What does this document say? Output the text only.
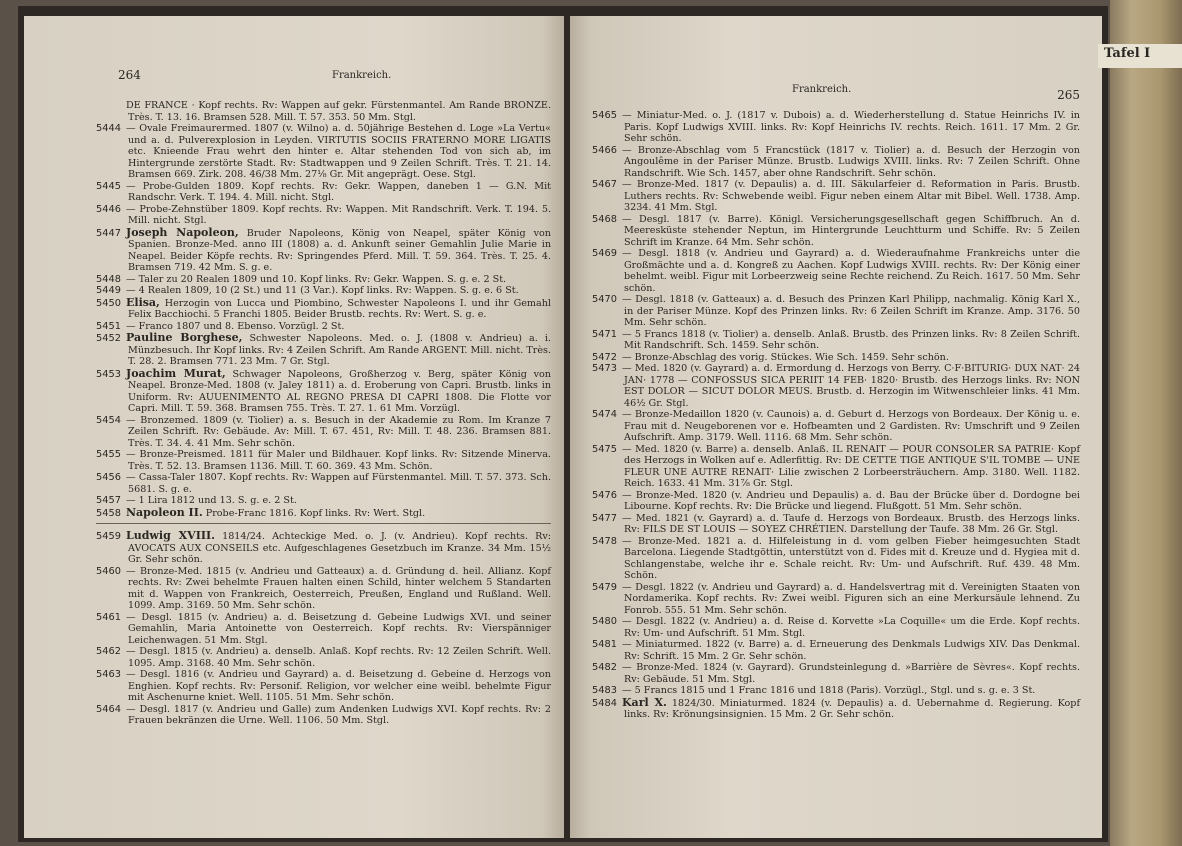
264	Frankreich.

DE FRANCE · Kopf rechts. Rv: Wappen auf gekr. Fürstenmantel. Am Rande BRONZE. Très. T. 13. 16. Bramsen 528. Mill. T. 57. 353. 50 Mm. Stgl.

5444 — Ovale Freimaurermed. 1807 (v. Wilno) a. d. 50jährige Bestehen d. Loge »La Vertu« und a. d. Pulverexplosion in Leyden. VIRTUTIS SOCIIS FRATERNO MORE LIGATIS etc. Knieende Frau wehrt den hinter e. Altar stehenden Tod von sich ab, im Hintergrunde zerstörte Stadt. Rv: Stadtwappen und 9 Zeilen Schrift. Très. T. 21. 14. Bramsen 669. Zirk. 208. 46/38 Mm. 27⅛ Gr. Mit angeprägt. Oese. Stgl.

5445 — Probe-Gulden 1809. Kopf rechts. Rv: Gekr. Wappen, daneben 1 — G.N. Mit Randschr. Verk. T. 194. 4. Mill. nicht. Stgl.

5446 — Probe-Zehnstüber 1809. Kopf rechts. Rv: Wappen. Mit Randschrift. Verk. T. 194. 5. Mill. nicht. Stgl.

5447 Joseph Napoleon, Bruder Napoleons, König von Neapel, später König von Spanien. Bronze-Med. anno III (1808) a. d. Ankunft seiner Gemahlin Julie Marie in Neapel. Beider Köpfe rechts. Rv: Springendes Pferd. Mill. T. 59. 364. Très. T. 25. 4. Bramsen 719. 42 Mm. S. g. e.

5448 — Taler zu 20 Realen 1809 und 10. Kopf links. Rv: Gekr. Wappen. S. g. e. 2 St.

5449 — 4 Realen 1809, 10 (2 St.) und 11 (3 Var.). Kopf links. Rv: Wappen. S. g. e. 6 St.

5450 Elisa, Herzogin von Lucca und Piombino, Schwester Napoleons I. und ihr Gemahl Felix Bacchiochi. 5 Franchi 1805. Beider Brustb. rechts. Rv: Wert. S. g. e.

5451 — Franco 1807 und 8. Ebenso. Vorzügl. 2 St.

5452 Pauline Borghese, Schwester Napoleons. Med. o. J. (1808 v. Andrieu) a. i. Münzbesuch. Ihr Kopf links. Rv: 4 Zeilen Schrift. Am Rande ARGENT. Mill. nicht. Très. T. 28. 2. Bramsen 771. 23 Mm. 7 Gr. Stgl.

5453 Joachim Murat, Schwager Napoleons, Großherzog v. Berg, später König von Neapel. Bronze-Med. 1808 (v. Jaley 1811) a. d. Eroberung von Capri. Brustb. links in Uniform. Rv: AUUENIMENTO AL REGNO PRESA DI CAPRI 1808. Die Flotte vor Capri. Mill. T. 59. 368. Bramsen 755. Très. T. 27. 1. 61 Mm. Vorzügl.

5454 — Bronzemed. 1809 (v. Tiolier) a. s. Besuch in der Akademie zu Rom. Im Kranze 7 Zeilen Schrift. Rv: Gebäude. Av: Mill. T. 67. 451, Rv: Mill. T. 48. 236. Bramsen 881. Très. T. 34. 4. 41 Mm. Sehr schön.

5455 — Bronze-Preismed. 1811 für Maler und Bildhauer. Kopf links. Rv: Sitzende Minerva. Très. T. 52. 13. Bramsen 1136. Mill. T. 60. 369. 43 Mm. Schön.

5456 — Cassa-Taler 1807. Kopf rechts. Rv: Wappen auf Fürstenmantel. Mill. T. 57. 373. Sch. 5681. S. g. e.

5457 — 1 Lira 1812 und 13. S. g. e. 2 St.

5458 Napoleon II. Probe-Franc 1816. Kopf links. Rv: Wert. Stgl.

5459 Ludwig XVIII. 1814/24. Achteckige Med. o. J. (v. Andrieu). Kopf rechts. Rv: AVOCATS AUX CONSEILS etc. Aufgeschlagenes Gesetzbuch im Kranze. 34 Mm. 15½ Gr. Sehr schön.

5460 — Bronze-Med. 1815 (v. Andrieu und Gatteaux) a. d. Gründung d. heil. Allianz. Kopf rechts. Rv: Zwei behelmte Frauen halten einen Schild, hinter welchem 5 Standarten mit d. Wappen von Frankreich, Oesterreich, Preußen, England und Rußland. Well. 1099. Amp. 3169. 50 Mm. Sehr schön.

5461 — Desgl. 1815 (v. Andrieu) a. d. Beisetzung d. Gebeine Ludwigs XVI. und seiner Gemahlin, Maria Antoinette von Oesterreich. Kopf rechts. Rv: Vierspänniger Leichenwagen. 51 Mm. Stgl.

5462 — Desgl. 1815 (v. Andrieu) a. denselb. Anlaß. Kopf rechts. Rv: 12 Zeilen Schrift. Well. 1095. Amp. 3168. 40 Mm. Sehr schön.

5463 — Desgl. 1816 (v. Andrieu und Gayrard) a. d. Beisetzung d. Gebeine d. Herzogs von Enghien. Kopf rechts. Rv: Personif. Religion, vor welcher eine weibl. behelmte Figur mit Aschenurne kniet. Well. 1105. 51 Mm. Sehr schön.

5464 — Desgl. 1817 (v. Andrieu und Galle) zum Andenken Ludwigs XVI. Kopf rechts. Rv: 2 Frauen bekränzen die Urne. Well. 1106. 50 Mm. Stgl.

Frankreich.	265

5465 — Miniatur-Med. o. J. (1817 v. Dubois) a. d. Wiederherstellung d. Statue Heinrichs IV. in Paris. Kopf Ludwigs XVIII. links. Rv: Kopf Heinrichs IV. rechts. Reich. 1611. 17 Mm. 2 Gr. Sehr schön.

5466 — Bronze-Abschlag vom 5 Francstück (1817 v. Tiolier) a. d. Besuch der Herzogin von Angoulême in der Pariser Münze. Brustb. Ludwigs XVIII. links. Rv: 7 Zeilen Schrift. Ohne Randschrift. Wie Sch. 1457, aber ohne Randschrift. Sehr schön.

5467 — Bronze-Med. 1817 (v. Depaulis) a. d. III. Säkularfeier d. Reformation in Paris. Brustb. Luthers rechts. Rv: Schwebende weibl. Figur neben einem Altar mit Bibel. Well. 1738. Amp. 3234. 41 Mm. Stgl.

5468 — Desgl. 1817 (v. Barre). Königl. Versicherungsgesellschaft gegen Schiffbruch. An d. Meeresküste stehender Neptun, im Hintergrunde Leuchtturm und Schiffe. Rv: 5 Zeilen Schrift im Kranze. 64 Mm. Sehr schön.

5469 — Desgl. 1818 (v. Andrieu und Gayrard) a. d. Wiederaufnahme Frankreichs unter die Großmächte und a. d. Kongreß zu Aachen. Kopf Ludwigs XVIII. rechts. Rv: Der König einer behelmt. weibl. Figur mit Lorbeerzweig seine Rechte reichend. Zu Reich. 1617. 50 Mm. Sehr schön.

5470 — Desgl. 1818 (v. Gatteaux) a. d. Besuch des Prinzen Karl Philipp, nachmalig. König Karl X., in der Pariser Münze. Kopf des Prinzen links. Rv: 6 Zeilen Schrift im Kranze. Amp. 3176. 50 Mm. Sehr schön.

5471 — 5 Francs 1818 (v. Tiolier) a. denselb. Anlaß. Brustb. des Prinzen links. Rv: 8 Zeilen Schrift. Mit Randschrift. Sch. 1459. Sehr schön.

5472 — Bronze-Abschlag des vorig. Stückes. Wie Sch. 1459. Sehr schön.

5473 — Med. 1820 (v. Gayrard) a. d. Ermordung d. Herzogs von Berry. C·F·BITURIG· DUX NAT· 24 JAN· 1778 — CONFOSSUS SICA PERIIT 14 FEB· 1820· Brustb. des Herzogs links. Rv: NON EST DOLOR — SICUT DOLOR MEUS. Brustb. d. Herzogin im Witwenschleier links. 41 Mm. 46½ Gr. Stgl.

5474 — Bronze-Medaillon 1820 (v. Caunois) a. d. Geburt d. Herzogs von Bordeaux. Der König u. e. Frau mit d. Neugeborenen vor e. Hofbeamten und 2 Gardisten. Rv: Umschrift und 9 Zeilen Aufschrift. Amp. 3179. Well. 1116. 68 Mm. Sehr schön.

5475 — Med. 1820 (v. Barre) a. denselb. Anlaß. IL RENAIT — POUR CONSOLER SA PATRIE· Kopf des Herzogs in Wolken auf e. Adlerfittig. Rv: DE CETTE TIGE ANTIQUE S'IL TOMBE — UNE FLEUR UNE AUTRE RENAIT· Lilie zwischen 2 Lorbeersträuchern. Amp. 3180. Well. 1182. Reich. 1633. 41 Mm. 31⅞ Gr. Stgl.

5476 — Bronze-Med. 1820 (v. Andrieu und Depaulis) a. d. Bau der Brücke über d. Dordogne bei Libourne. Kopf rechts. Rv: Die Brücke und liegend. Flußgott. 51 Mm. Sehr schön.

5477 — Med. 1821 (v. Gayrard) a. d. Taufe d. Herzogs von Bordeaux. Brustb. des Herzogs links. Rv: FILS DE ST LOUIS — SOYEZ CHRÉTIEN. Darstellung der Taufe. 38 Mm. 26 Gr. Stgl.

5478 — Bronze-Med. 1821 a. d. Hilfeleistung in d. vom gelben Fieber heimgesuchten Stadt Barcelona. Liegende Stadtgöttin, unterstützt von d. Fides mit d. Kreuze und d. Hygiea mit d. Schlangenstabe, welche ihr e. Schale reicht. Rv: Um- und Aufschrift. Ruf. 439. 48 Mm. Schön.

5479 — Desgl. 1822 (v. Andrieu und Gayrard) a. d. Handelsvertrag mit d. Vereinigten Staaten von Nordamerika. Kopf rechts. Rv: Zwei weibl. Figuren sich an eine Merkursäule lehnend. Zu Fonrob. 555. 51 Mm. Sehr schön.

5480 — Desgl. 1822 (v. Andrieu) a. d. Reise d. Korvette »La Coquille« um die Erde. Kopf rechts. Rv: Um- und Aufschrift. 51 Mm. Stgl.

5481 — Miniaturmed. 1822 (v. Barre) a. d. Erneuerung des Denkmals Ludwigs XIV. Das Denkmal. Rv: Schrift. 15 Mm. 2 Gr. Sehr schön.

5482 — Bronze-Med. 1824 (v. Gayrard). Grundsteinlegung d. »Barrière de Sèvres«. Kopf rechts. Rv: Gebäude. 51 Mm. Stgl.

5483 — 5 Francs 1815 und 1 Franc 1816 und 1818 (Paris). Vorzügl., Stgl. und s. g. e. 3 St.

5484 Karl X. 1824/30. Miniaturmed. 1824 (v. Depaulis) a. d. Uebernahme d. Regierung. Kopf links. Rv: Krönungsinsignien. 15 Mm. 2 Gr. Sehr schön.

Tafel I
